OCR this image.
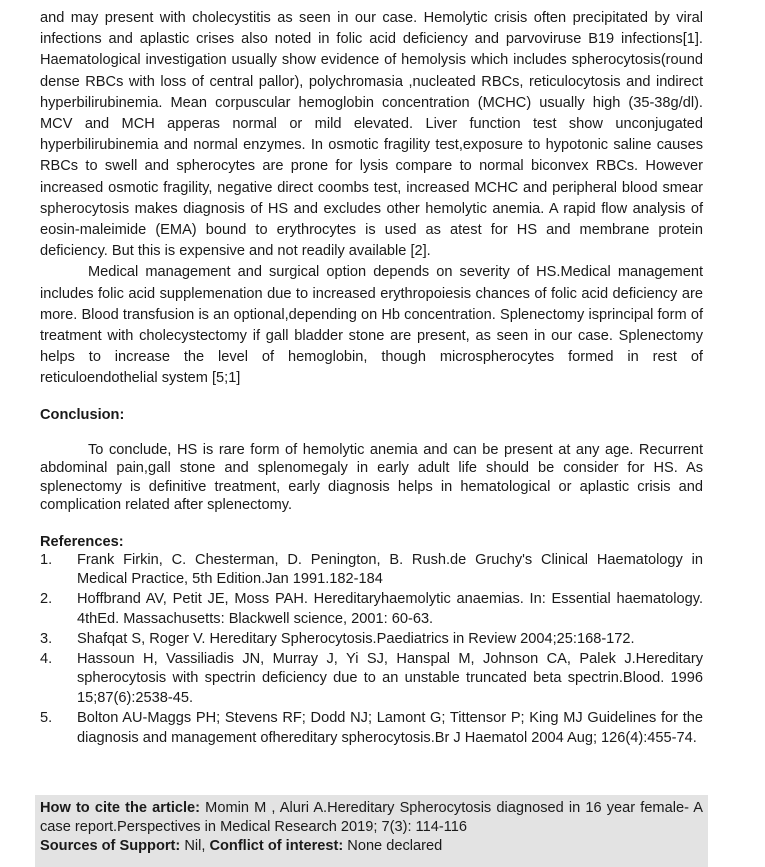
and may present with cholecystitis as seen in our case. Hemolytic crisis often precipitated by viral infections and aplastic crises also noted in folic acid deficiency and parvoviruse B19 infections[1]. Haematological investigation usually show evidence of hemolysis which includes spherocytosis(round dense RBCs with loss of central pallor), polychromasia ,nucleated RBCs, reticulocytosis and indirect hyperbilirubinemia. Mean corpuscular hemoglobin concentration (MCHC) usually high (35-38g/dl). MCV and MCH apperas normal or mild elevated. Liver function test show unconjugated hyperbilirubinemia and normal enzymes. In osmotic fragility test,exposure to hypotonic saline causes RBCs to swell and spherocytes are prone for lysis compare to normal biconvex RBCs. However increased osmotic fragility, negative direct coombs test, increased MCHC and peripheral blood smear spherocytosis makes diagnosis of HS and excludes other hemolytic anemia. A rapid flow analysis of eosin-maleimide (EMA) bound to erythrocytes is used as atest for HS and membrane protein deficiency. But this is expensive and not readily available [2].

Medical management and surgical option depends on severity of HS.Medical management includes folic acid supplemenation due to increased erythropoiesis chances of folic acid deficiency are more. Blood transfusion is an optional,depending on Hb concentration. Splenectomy isprincipal form of treatment with cholecystectomy if gall bladder stone are present, as seen in our case. Splenectomy helps to increase the level of hemoglobin, though microspherocytes formed in rest of reticuloendothelial system [5;1]

Conclusion:

To conclude, HS is rare form of hemolytic anemia and can be present at any age. Recurrent abdominal pain,gall stone and splenomegaly in early adult life should be consider for HS. As splenectomy is definitive treatment, early diagnosis helps in hematological or aplastic crisis and complication related after splenectomy.

References:

1. Frank Firkin, C. Chesterman, D. Penington, B. Rush.de Gruchy's Clinical Haematology in Medical Practice, 5th Edition.Jan 1991.182-184
2. Hoffbrand AV, Petit JE, Moss PAH. Hereditaryhaemolytic anaemias. In: Essential haematology. 4thEd. Massachusetts: Blackwell science, 2001: 60-63.
3. Shafqat S, Roger V. Hereditary Spherocytosis.Paediatrics in Review 2004;25:168-172.
4. Hassoun H, Vassiliadis JN, Murray J, Yi SJ, Hanspal M, Johnson CA, Palek J.Hereditary spherocytosis with spectrin deficiency due to an unstable truncated beta spectrin.Blood. 1996 15;87(6):2538-45.
5. Bolton AU-Maggs PH; Stevens RF; Dodd NJ; Lamont G; Tittensor P; King MJ Guidelines for the diagnosis and management ofhereditary spherocytosis.Br J Haematol 2004 Aug; 126(4):455-74.

How to cite the article: Momin M , Aluri A.Hereditary Spherocytosis diagnosed in 16 year female- A case report.Perspectives in Medical Research 2019; 7(3): 114-116

Sources of Support: Nil, Conflict of interest: None declared
